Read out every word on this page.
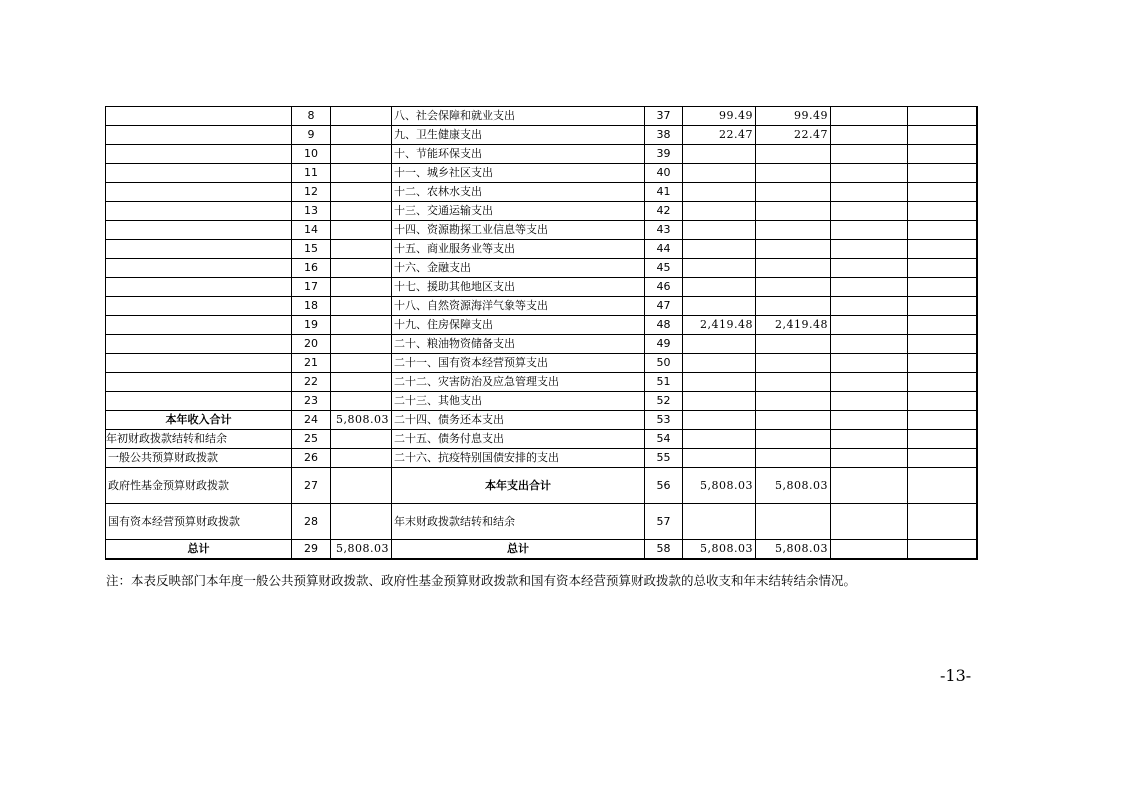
	8		八、社会保障和就业支出	37	99.49	99.49		
	9		九、卫生健康支出	38	22.47	22.47		
	10		十、节能环保支出	39				
	11		十一、城乡社区支出	40				
	12		十二、农林水支出	41				
	13		十三、交通运输支出	42				
	14		十四、资源勘探工业信息等支出	43				
	15		十五、商业服务业等支出	44				
	16		十六、金融支出	45				
	17		十七、援助其他地区支出	46				
	18		十八、自然资源海洋气象等支出	47				
	19		十九、住房保障支出	48	2,419.48	2,419.48		
	20		二十、粮油物资储备支出	49				
	21		二十一、国有资本经营预算支出	50				
	22		二十二、灾害防治及应急管理支出	51				
	23		二十三、其他支出	52				
本年收入合计	24	5,808.03	二十四、债务还本支出	53				
年初财政拨款结转和结余	25		二十五、债务付息支出	54				
一般公共预算财政拨款	26		二十六、抗疫特别国债安排的支出	55				
政府性基金预算财政拨款	27		本年支出合计	56	5,808.03	5,808.03		
国有资本经营预算财政拨款	28		年末财政拨款结转和结余	57				
总计	29	5,808.03	总计	58	5,808.03	5,808.03		
注：本表反映部门本年度一般公共预算财政拨款、政府性基金预算财政拨款和国有资本经营预算财政拨款的总收支和年末结转结余情况。
-13-
